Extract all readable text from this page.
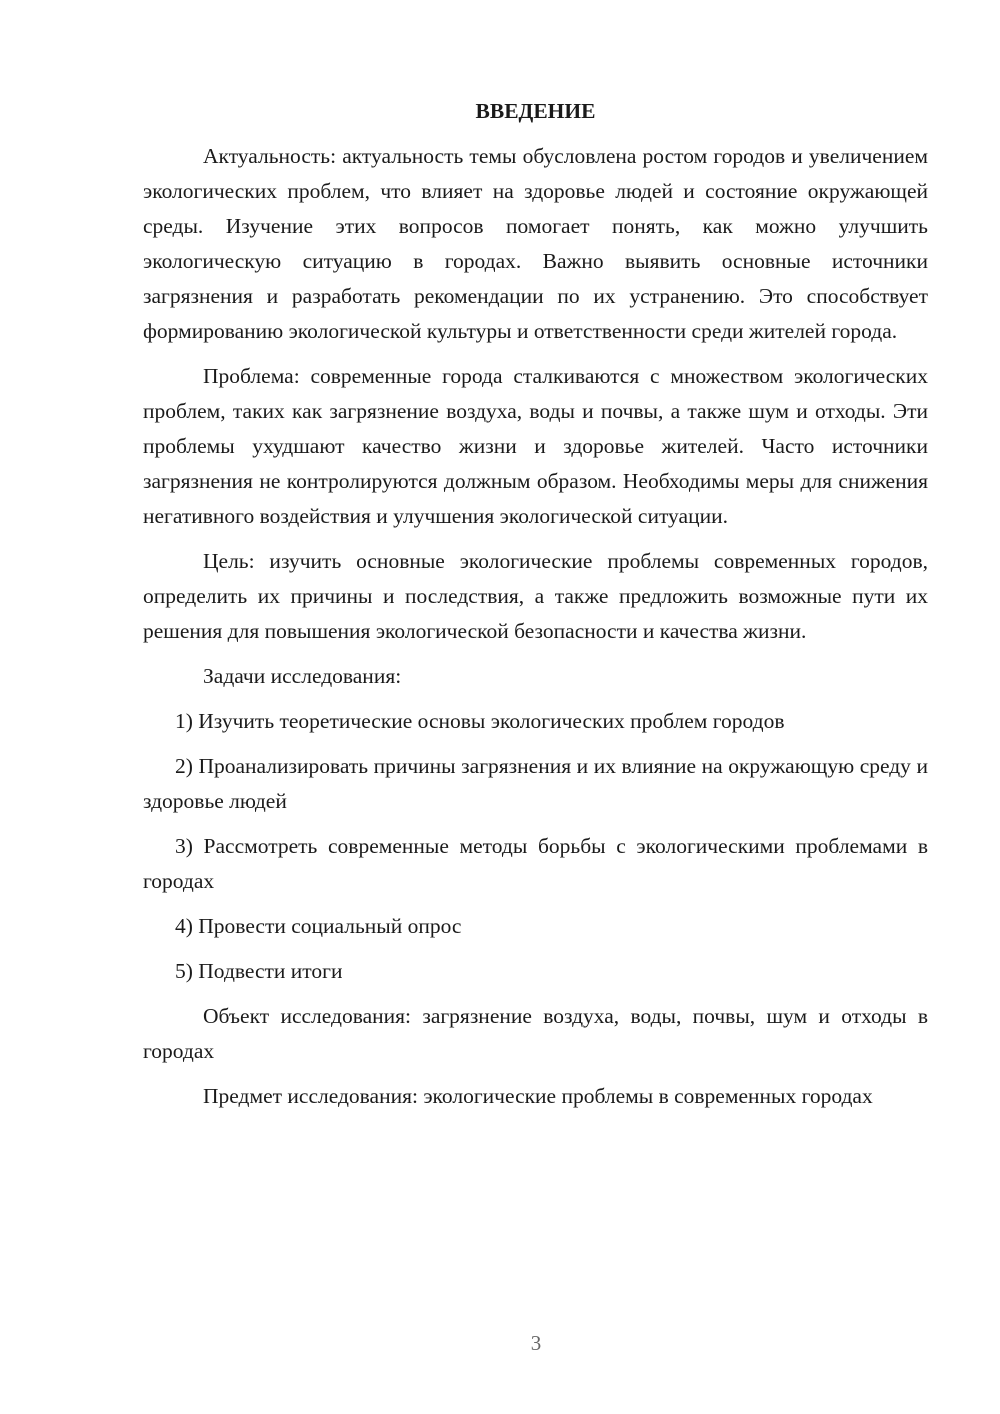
ВВЕДЕНИЕ

Актуальность: актуальность темы обусловлена ростом городов и увеличением экологических проблем, что влияет на здоровье людей и состояние окружающей среды. Изучение этих вопросов помогает понять, как можно улучшить экологическую ситуацию в городах. Важно выявить основные источники загрязнения и разработать рекомендации по их устранению. Это способствует формированию экологической культуры и ответственности среди жителей города.

Проблема: современные города сталкиваются с множеством экологических проблем, таких как загрязнение воздуха, воды и почвы, а также шум и отходы. Эти проблемы ухудшают качество жизни и здоровье жителей. Часто источники загрязнения не контролируются должным образом. Необходимы меры для снижения негативного воздействия и улучшения экологической ситуации.

Цель: изучить основные экологические проблемы современных городов, определить их причины и последствия, а также предложить возможные пути их решения для повышения экологической безопасности и качества жизни.

Задачи исследования:

1) Изучить теоретические основы экологических проблем городов

2) Проанализировать причины загрязнения и их влияние на окружающую среду и здоровье людей

3) Рассмотреть современные методы борьбы с экологическими проблемами в городах

4) Провести социальный опрос

5) Подвести итоги

Объект исследования: загрязнение воздуха, воды, почвы, шум и отходы в городах

Предмет исследования: экологические проблемы в современных городах

3
